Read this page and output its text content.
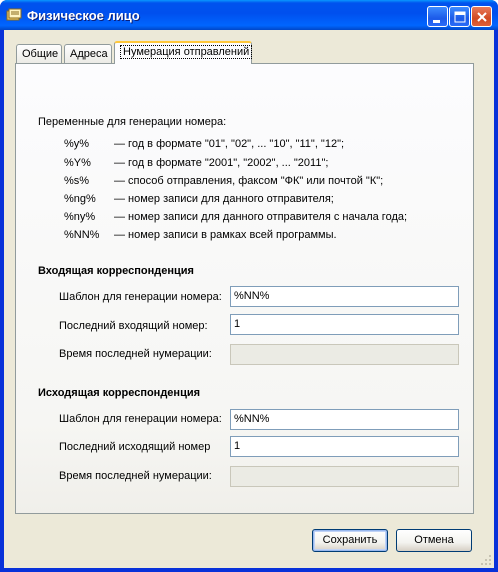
Физическое лицо
Общие	Адреса	Нумерация отправлений
Переменные для генерации номера:
%y% — год в формате "01", "02", ... "10", "11", "12";
%Y% — год в формате "2001", "2002", ... "2011";
%s% — способ отправления, факсом "ФК" или почтой "К";
%ng% — номер записи для данного отправителя;
%ny% — номер записи для данного отправителя с начала года;
%NN% — номер записи в рамках всей программы.
Входящая корреспонденция
Шаблон для генерации номера:	%NN%
Последний входящий номер:	1
Время последней нумерации:
Исходящая корреспонденция
Шаблон для генерации номера:	%NN%
Последний исходящий номер	1
Время последней нумерации:
Сохранить	Отмена
